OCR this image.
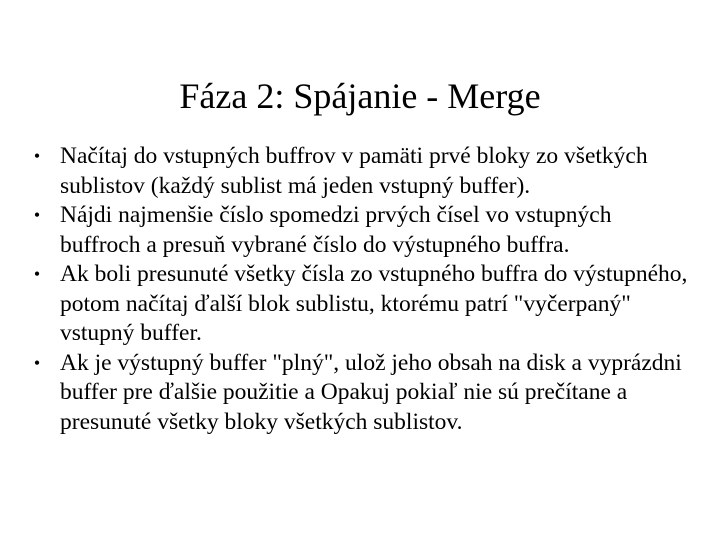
Fáza 2: Spájanie - Merge
• Načítaj do vstupných buffrov v pamäti prvé bloky zo všetkých sublistov (každý sublist má jeden vstupný buffer).
• Nájdi najmenšie číslo spomedzi prvých čísel vo vstupných buffroch a presuň vybrané číslo do výstupného buffra.
• Ak boli presunuté všetky čísla zo vstupného buffra do výstupného, potom načítaj ďalší blok sublistu, ktorému patrí "vyčerpaný" vstupný buffer.
• Ak je výstupný buffer "plný", ulož jeho obsah na disk a vyprázdni buffer pre ďalšie použitie a Opakuj pokiaľ nie sú prečítane a presunuté všetky bloky všetkých sublistov.
